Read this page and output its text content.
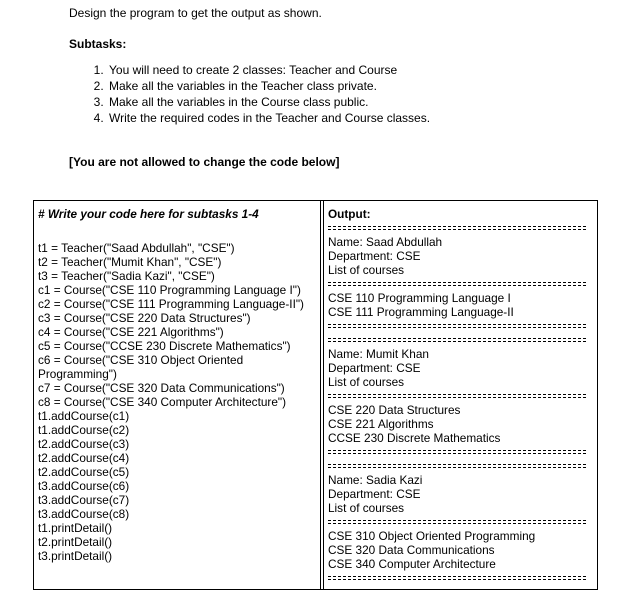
Design the program to get the output as shown.
Subtasks:
1. You will need to create 2 classes: Teacher and Course
2. Make all the variables in the Teacher class private.
3. Make all the variables in the Course class public.
4. Write the required codes in the Teacher and Course classes.
[You are not allowed to change the code below]
# Write your code here for subtasks 1-4
t1 = Teacher("Saad Abdullah", "CSE")
t2 = Teacher("Mumit Khan", "CSE")
t3 = Teacher("Sadia Kazi", "CSE")
c1 = Course("CSE 110 Programming Language I")
c2 = Course("CSE 111 Programming Language-II")
c3 = Course("CSE 220 Data Structures")
c4 = Course("CSE 221 Algorithms")
c5 = Course("CCSE 230 Discrete Mathematics")
c6 = Course("CSE 310 Object Oriented Programming")
c7 = Course("CSE 320 Data Communications")
c8 = Course("CSE 340 Computer Architecture")
t1.addCourse(c1)
t1.addCourse(c2)
t2.addCourse(c3)
t2.addCourse(c4)
t2.addCourse(c5)
t3.addCourse(c6)
t3.addCourse(c7)
t3.addCourse(c8)
t1.printDetail()
t2.printDetail()
t3.printDetail()
Output:
Name: Saad Abdullah
Department: CSE
List of courses
CSE 110 Programming Language I
CSE 111 Programming Language-II
Name: Mumit Khan
Department: CSE
List of courses
CSE 220 Data Structures
CSE 221 Algorithms
CCSE 230 Discrete Mathematics
Name: Sadia Kazi
Department: CSE
List of courses
CSE 310 Object Oriented Programming
CSE 320 Data Communications
CSE 340 Computer Architecture
